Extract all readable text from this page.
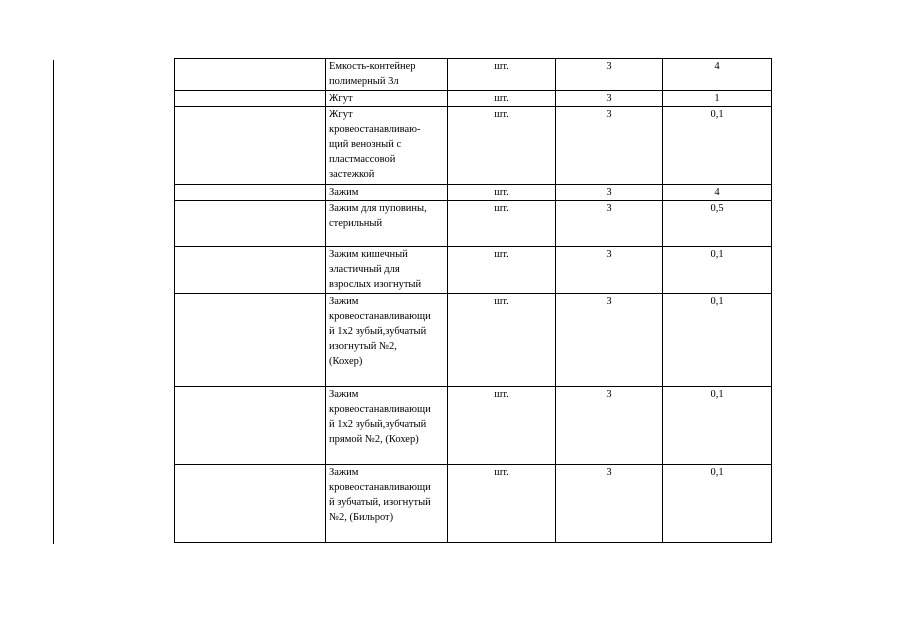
	Емкость-контейнер
полимерный 3л	шт.	3	4
	Жгут	шт.	3	1
	Жгут
кровеостанавливаю-
щий венозный с
пластмассовой
застежкой	шт.	3	0,1
	Зажим	шт.	3	4
	Зажим для пуповины,
стерильный	шт.	3	0,5
	Зажим кишечный
эластичный для
взрослых изогнутый	шт.	3	0,1
	Зажим
кровеостанавливающи
й 1х2 зубый,зубчатый
изогнутый №2,
(Кохер)	шт.	3	0,1
	Зажим
кровеостанавливающи
й 1х2 зубый,зубчатый
прямой №2, (Кохер)	шт.	3	0,1
	Зажим
кровеостанавливающи
й зубчатый, изогнутый
№2, (Бильрот)	шт.	3	0,1
